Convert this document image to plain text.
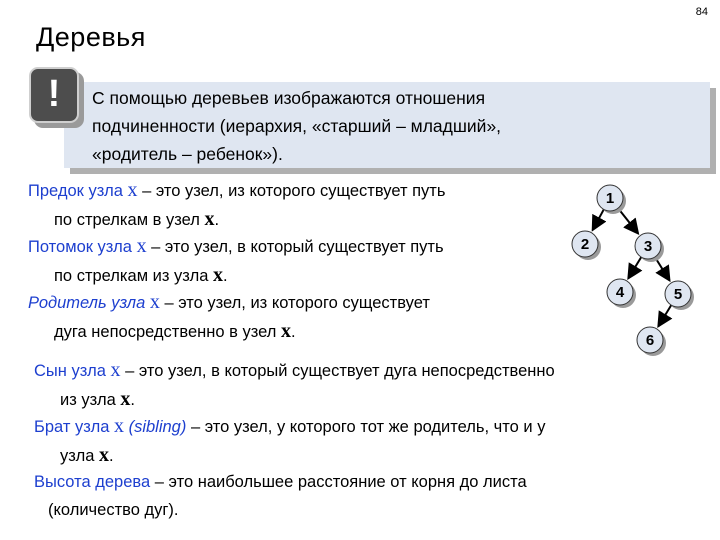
84
Деревья
С помощью деревьев изображаются отношения
подчиненности (иерархия, «старший – младший»,
«родитель – ребенок»).
!
Предок узла x – это узел, из которого существует путь
по стрелкам в узел x.
Потомок узла x – это узел, в который существует путь
по стрелкам из узла x.
Родитель узла x – это узел, из которого существует
дуга непосредственно в узел x.
Сын узла x – это узел, в который существует дуга непосредственно
из узла x.
Брат узла x (sibling) – это узел, у которого тот же родитель, что и у
узла x.
Высота дерева – это наибольшее расстояние от корня до листа
(количество дуг).
1
2	3
4	5
6
